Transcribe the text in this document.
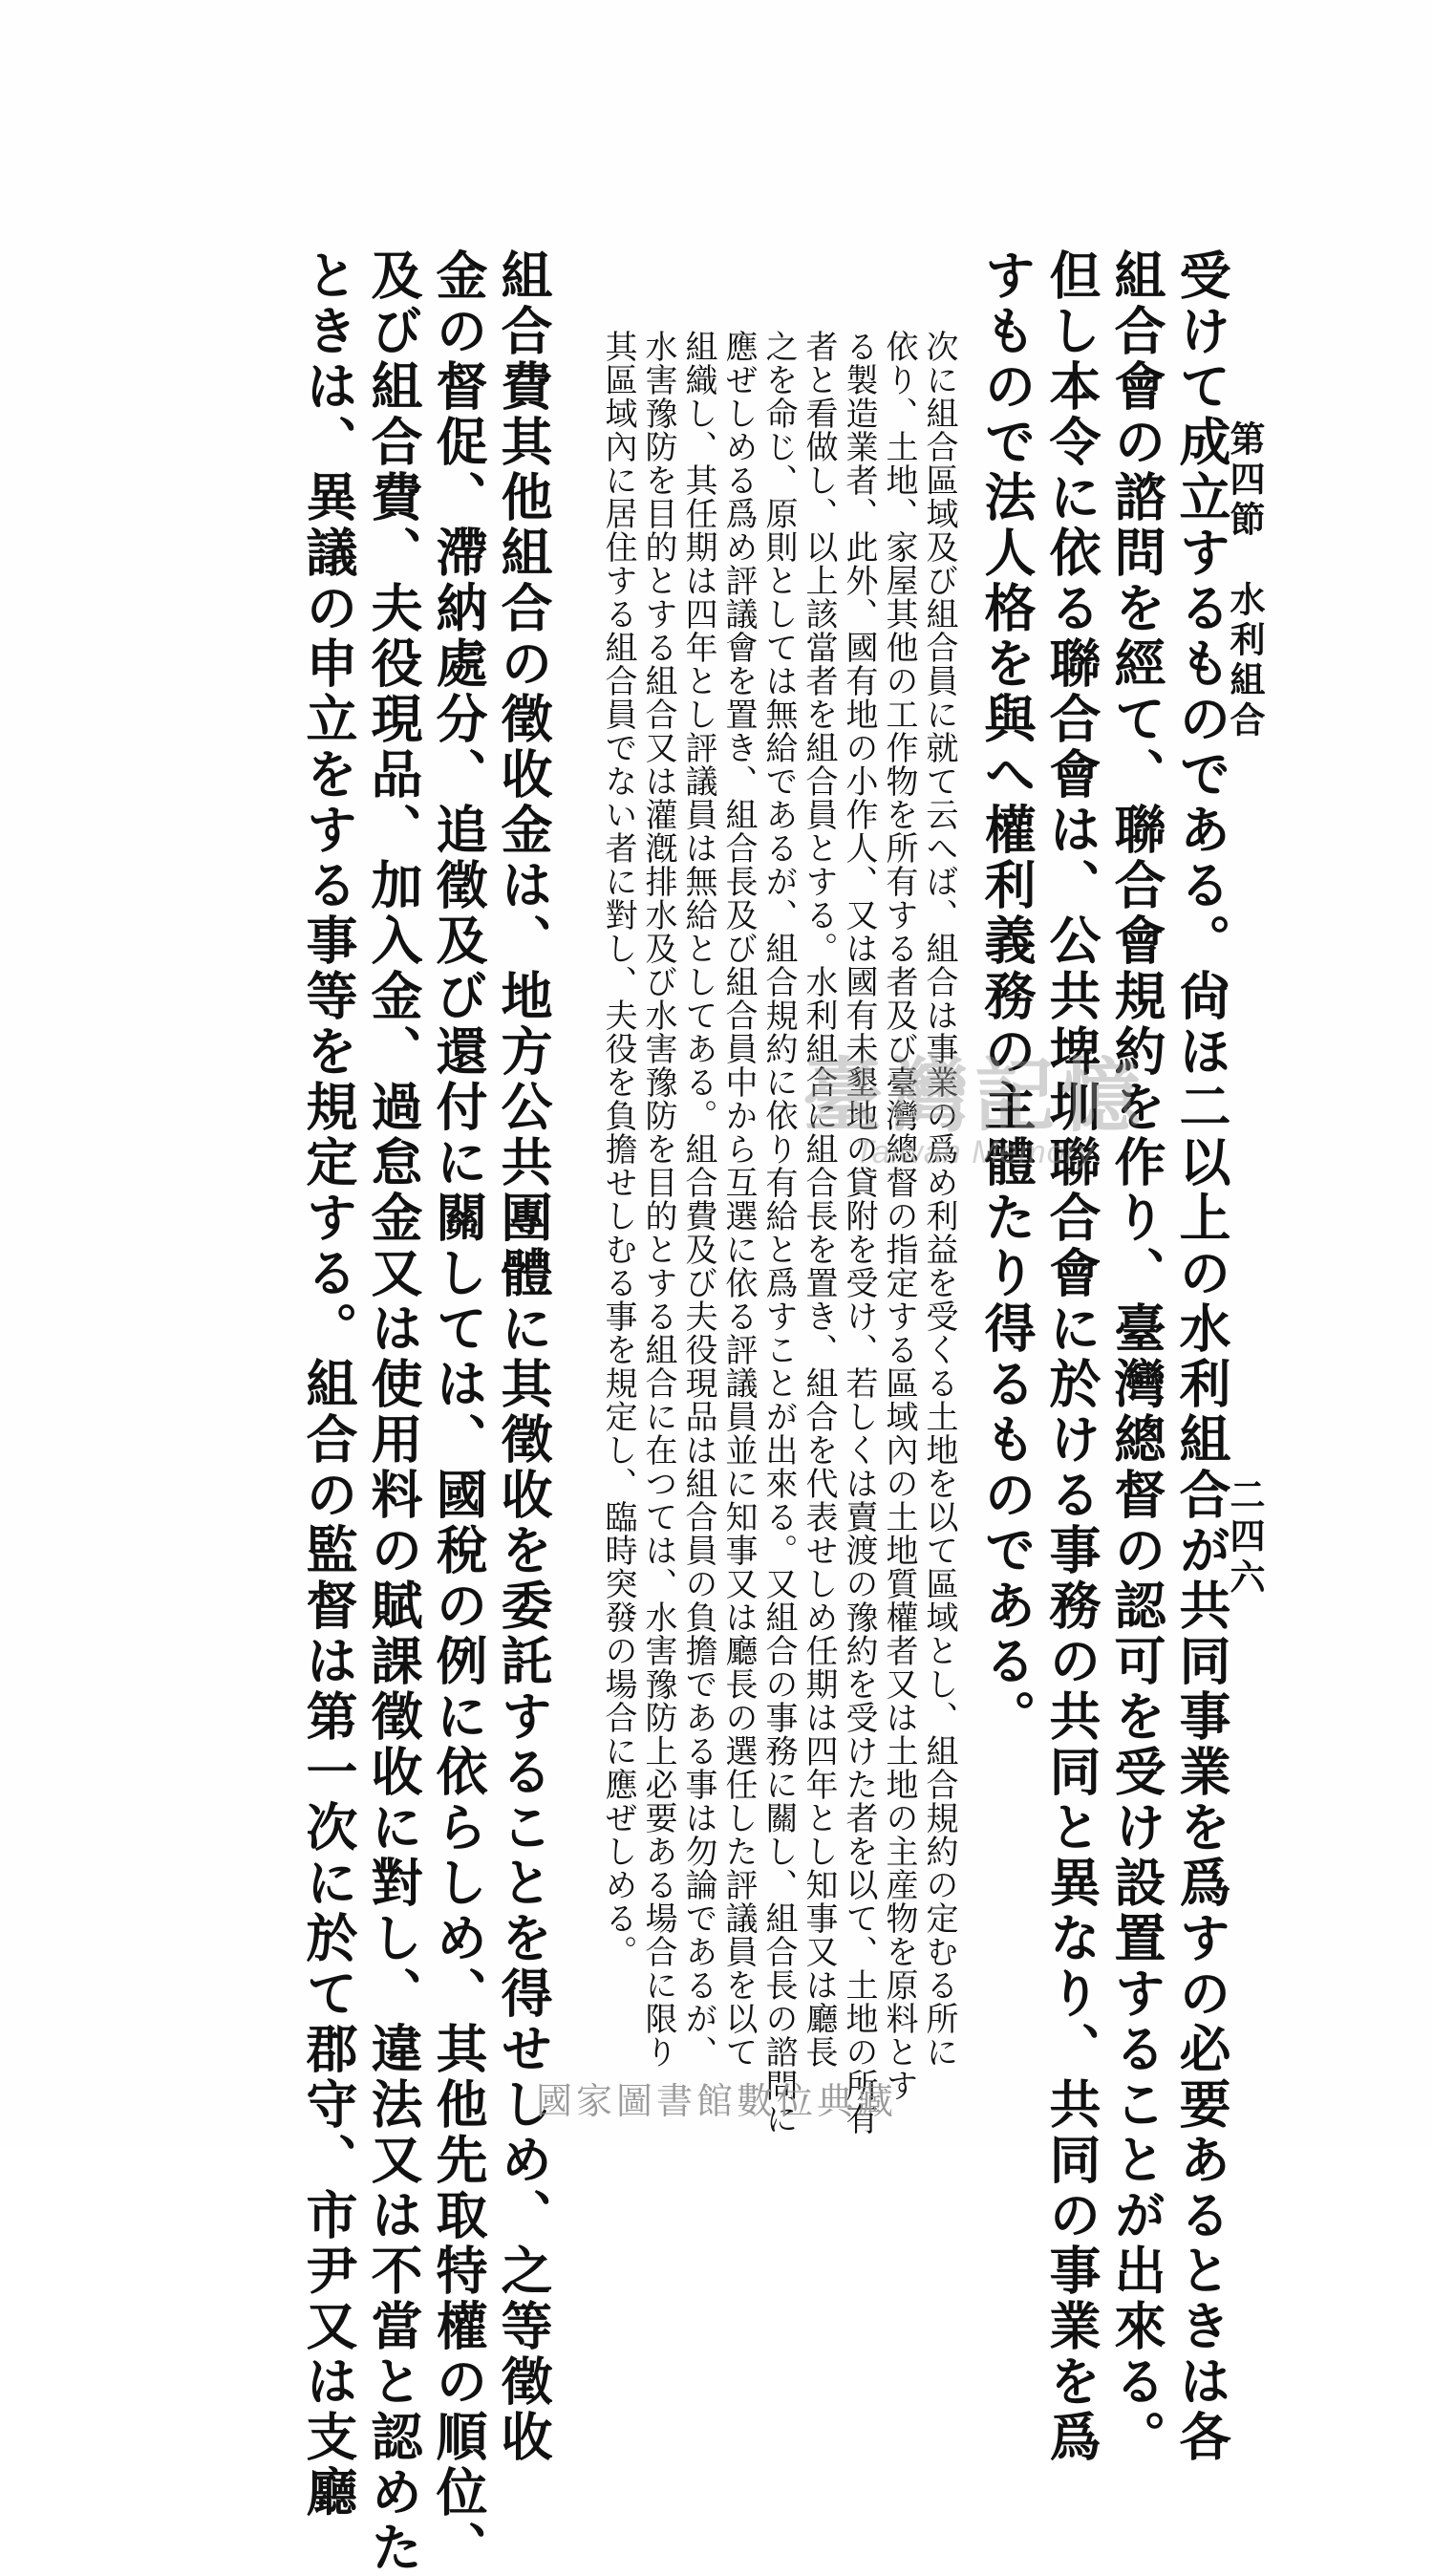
第四節　水利組合
二四六
受けて成立するものである。尙ほ二以上の水利組合が共同事業を爲すの必要あるときは各
組合會の諮問を經て、聯合會規約を作り、臺灣總督の認可を受け設置することが出來る。
但し本令に依る聯合會は、公共埤圳聯合會に於ける事務の共同と異なり、共同の事業を爲
すもので法人格を與へ權利義務の主體たり得るものである。
次に組合區域及び組合員に就て云へば、組合は事業の爲め利益を受くる土地を以て區域とし、組合規約の定むる所に
依り、土地、家屋其他の工作物を所有する者及び臺灣總督の指定する區域內の土地質權者又は土地の主産物を原料とす
る製造業者、此外、國有地の小作人、又は國有未墾地の貸附を受け、若しくは賣渡の豫約を受けた者を以て、土地の所有
者と看做し、以上該當者を組合員とする。水利組合に組合長を置き、組合を代表せしめ任期は四年とし知事又は廳長
之を命じ、原則としては無給であるが、組合規約に依り有給と爲すことが出來る。又組合の事務に關し、組合長の諮問に
應ぜしめる爲め評議會を置き、組合長及び組合員中から互選に依る評議員並に知事又は廳長の選任した評議員を以て
組織し、其任期は四年とし評議員は無給としてある。組合費及び夫役現品は組合員の負擔である事は勿論であるが、
水害豫防を目的とする組合又は灌漑排水及び水害豫防を目的とする組合に在つては、水害豫防上必要ある場合に限り
其區域內に居住する組合員でない者に對し、夫役を負擔せしむる事を規定し、臨時突發の場合に應ぜしめる。
組合費其他組合の徵收金は、地方公共團體に其徵收を委託することを得せしめ、之等徵收
金の督促、滯納處分、追徵及び還付に關しては、國稅の例に依らしめ、其他先取特權の順位、
及び組合費、夫役現品、加入金、過怠金又は使用料の賦課徵收に對し、違法又は不當と認めた
ときは、異議の申立をする事等を規定する。組合の監督は第一次に於て郡守、市尹又は支廳	臺灣記憶
Taiwan Memory
國家圖書館數位典藏
